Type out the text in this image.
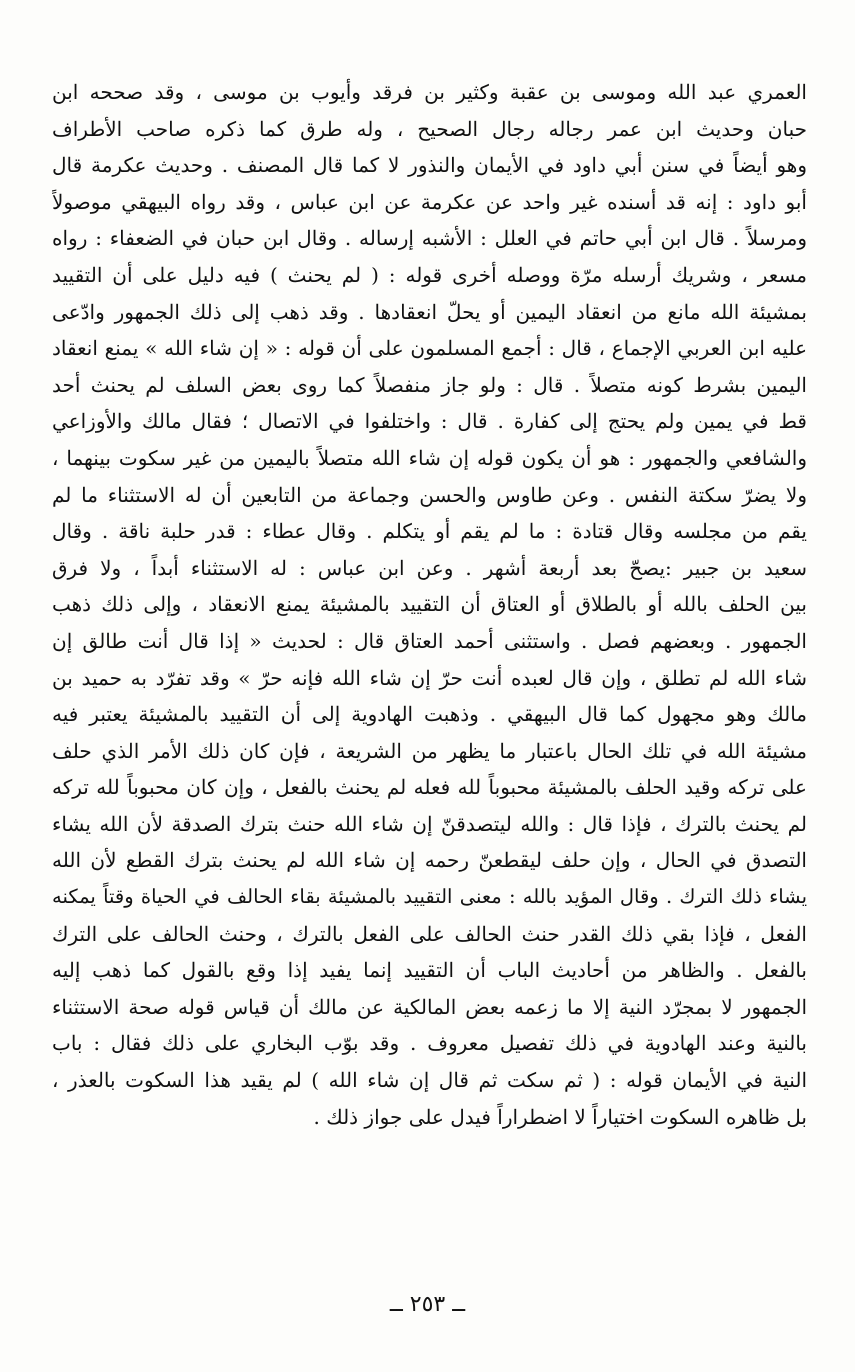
العمري عبد الله وموسى بن عقبة وكثير بن فرقد وأيوب بن موسى ، وقد صححه ابن
حبان وحديث ابن عمر رجاله رجال الصحيح ، وله طرق كما ذكره صاحب الأطراف
وهو أيضاً في سنن أبي داود في الأيمان والنذور لا كما قال المصنف . وحديث عكرمة قال
أبو داود : إنه قد أسنده غير واحد عن عكرمة عن ابن عباس ، وقد رواه البيهقي موصولاً
ومرسلاً . قال ابن أبي حاتم في العلل : الأشبه إرساله . وقال ابن حبان في الضعفاء : رواه
مسعر ، وشريك أرسله مرّة ووصله أخرى قوله : ( لم يحنث ) فيه دليل على أن التقييد
بمشيئة الله مانع من انعقاد اليمين أو يحلّ انعقادها . وقد ذهب إلى ذلك الجمهور وادّعى
عليه ابن العربي الإجماع ، قال : أجمع المسلمون على أن قوله : « إن شاء الله » يمنع انعقاد
اليمين بشرط كونه متصلاً . قال : ولو جاز منفصلاً كما روى بعض السلف لم يحنث أحد
قط في يمين ولم يحتج إلى كفارة . قال : واختلفوا في الاتصال ؛ فقال مالك والأوزاعي
والشافعي والجمهور : هو أن يكون قوله إن شاء الله متصلاً باليمين من غير سكوت بينهما ،
ولا يضرّ سكتة النفس . وعن طاوس والحسن وجماعة من التابعين أن له الاستثناء ما لم
يقم من مجلسه وقال قتادة : ما لم يقم أو يتكلم . وقال عطاء : قدر حلبة ناقة . وقال
سعيد بن جبير :يصحّ بعد أربعة أشهر . وعن ابن عباس : له الاستثناء أبداً ، ولا فرق
بين الحلف بالله أو بالطلاق أو العتاق أن التقييد بالمشيئة يمنع الانعقاد ، وإلى ذلك ذهب
الجمهور . وبعضهم فصل . واستثنى أحمد العتاق قال : لحديث « إذا قال أنت طالق إن
شاء الله لم تطلق ، وإن قال لعبده أنت حرّ إن شاء الله فإنه حرّ » وقد تفرّد به حميد بن
مالك وهو مجهول كما قال البيهقي . وذهبت الهادوية إلى أن التقييد بالمشيئة يعتبر فيه
مشيئة الله في تلك الحال باعتبار ما يظهر من الشريعة ، فإن كان ذلك الأمر الذي حلف
على تركه وقيد الحلف بالمشيئة محبوباً لله فعله لم يحنث بالفعل ، وإن كان محبوباً لله تركه
لم يحنث بالترك ، فإذا قال : والله ليتصدقنّ إن شاء الله حنث بترك الصدقة لأن الله يشاء
التصدق في الحال ، وإن حلف ليقطعنّ رحمه إن شاء الله لم يحنث بترك القطع لأن الله
يشاء ذلك الترك . وقال المؤيد بالله : معنى التقييد بالمشيئة بقاء الحالف في الحياة وقتاً يمكنه
الفعل ، فإذا بقي ذلك القدر حنث الحالف على الفعل بالترك ، وحنث الحالف على الترك
بالفعل . والظاهر من أحاديث الباب أن التقييد إنما يفيد إذا وقع بالقول كما ذهب إليه
الجمهور لا بمجرّد النية إلا ما زعمه بعض المالكية عن مالك أن قياس قوله صحة الاستثناء
بالنية وعند الهادوية في ذلك تفصيل معروف . وقد بوّب البخاري على ذلك فقال : باب
النية في الأيمان قوله : ( ثم سكت ثم قال إن شاء الله ) لم يقيد هذا السكوت بالعذر ،
بل ظاهره السكوت اختياراً لا اضطراراً فيدل على جواز ذلك .
ــ ٢٥٣ ــ
